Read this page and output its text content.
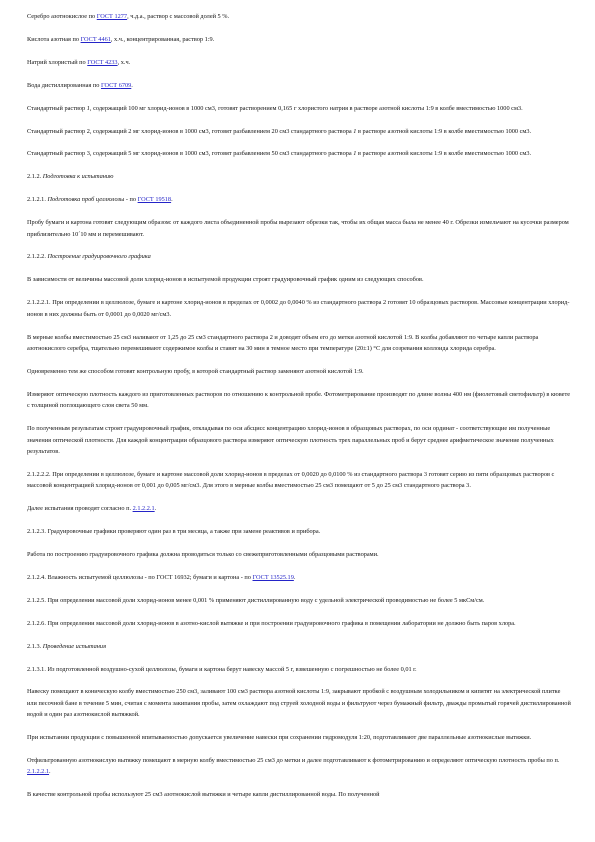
Серебро азотнокислое по ГОСТ 1277, ч.д.а., раствор с массовой долей 5 %.

Кислота азотная по ГОСТ 4461, х.ч., концентрированная, раствор 1:9.

Натрий хлористый по ГОСТ 4233, х.ч.

Вода дистиллированная по ГОСТ 6709.

Стандартный раствор 1, содержащий 100 мг хлорид-ионов в 1000 см3, готовят растворением 0,165 г хлористого натрия в растворе азотной кислоты 1:9 в колбе вместимостью 1000 см3.

Стандартный раствор 2, содержащий 2 мг хлорид-ионов в 1000 см3, готовят разбавлением 20 см3 стандартного раствора 1 в растворе азотной кислоты 1:9 в колбе вместимостью 1000 см3.

Стандартный раствор 3, содержащий 5 мг хлорид-ионов в 1000 см3, готовят разбавлением 50 см3 стандартного раствора 1 в растворе азотной кислоты 1:9 в колбе вместимостью 1000 см3.

2.1.2. Подготовка к испытанию

2.1.2.1. Подготовка проб целлюлозы - по ГОСТ 19518.

Пробу бумаги и картона готовят следующим образом: от каждого листа объединенной пробы вырезают обрезки так, чтобы их общая масса была не менее 40 г. Обрезки измельчают на кусочки размером приблизительно 10´10 мм и перемешивают.

2.1.2.2. Построение градуировочного графика

В зависимости от величины массовой доли хлорид-ионов в испытуемой продукции строят градуировочный график одним из следующих способов.

2.1.2.2.1. При определении в целлюлозе, бумаге и картоне хлорид-ионов в пределах от 0,0002 до 0,0040 % из стандартного раствора 2 готовят 10 образцовых растворов. Массовые концентрации хлорид-ионов в них должны быть от 0,0001 до 0,0020 мг/см3.

В мерные колбы вместимостью 25 см3 наливают от 1,25 до 25 см3 стандартного раствора 2 и доводят объем его до метки азотной кислотой 1:9. В колбы добавляют по четыре капли раствора азотнокислого серебра, тщательно перемешивают содержимое колбы и ставят на 30 мин в темное место при температуре (20±1) °С для созревания коллоида хлорида серебра.

Одновременно тем же способом готовят контрольную пробу, в которой стандартный раствор заменяют азотной кислотой 1:9.

Измеряют оптическую плотность каждого из приготовленных растворов по отношению к контрольной пробе. Фотометрирование производят по длине волны 400 нм (фиолетовый светофильтр) в кювете с толщиной поглощающего слоя света 50 мм.

По полученным результатам строят градуировочный график, откладывая по оси абсцисс концентрацию хлорид-ионов в образцовых растворах, по оси ординат - соответствующие им полученные значения оптической плотности. Для каждой концентрации образцового раствора измеряют оптическую плотность трех параллельных проб и берут среднее арифметическое значение полученных результатов.

2.1.2.2.2. При определении в целлюлозе, бумаге и картоне массовой доли хлорид-ионов в пределах от 0,0020 до 0,0100 % из стандартного раствора 3 готовят серию из пяти образцовых растворов с массовой концентрацией хлорид-ионов от 0,001 до 0,005 мг/см3. Для этого в мерные колбы вместимостью 25 см3 помещают от 5 до 25 см3 стандартного раствора 3.

Далее испытания проводят согласно п. 2.1.2.2.1.

2.1.2.3. Градуировочные графики проверяют один раз в три месяца, а также при замене реактивов и прибора.

Работа по построению градуировочного графика должна проводиться только со свежеприготовленными образцовыми растворами.

2.1.2.4. Влажность испытуемой целлюлозы - по ГОСТ 16932; бумаги и картона - по ГОСТ 13525.19.

2.1.2.5. При определении массовой доли хлорид-ионов менее 0,001 % применяют дистиллированную воду с удельной электрической проводимостью не более 5 мкСм/см.

2.1.2.6. При определении массовой доли хлорид-ионов в азотно-кислой вытяжке и при построении градуировочного графика в помещении лаборатории не должно быть паров хлора.

2.1.3. Проведение испытания

2.1.3.1. Из подготовленной воздушно-сухой целлюлозы, бумаги и картона берут навеску массой 5 г, взвешенную с погрешностью не более 0,01 г.

Навеску помещают в коническую колбу вместимостью 250 см3, заливают 100 см3 раствора азотной кислоты 1:9, закрывают пробкой с воздушным холодильником и кипятят на электрической плитке или песочной бане в течение 5 мин, считая с момента закипания пробы, затем охлаждают под струей холодной воды и фильтруют через бумажный фильтр, дважды промытый горячей дистиллированной водой и один раз азотнокислой вытяжкой.

При испытании продукции с повышенной впитываемостью допускается увеличение навески при сохранении гидромодуля 1:20, подготавливают две параллельные азотнокислые вытяжки.

Отфильтрованную азотнокислую вытяжку помещают в мерную колбу вместимостью 25 см3 до метки и далее подготавливают к фотометрированию и определяют оптическую плотность пробы по п. 2.1.2.2.1.

В качестве контрольной пробы используют 25 см3 азотнокислой вытяжки и четыре капли дистиллированной воды. По полученной
